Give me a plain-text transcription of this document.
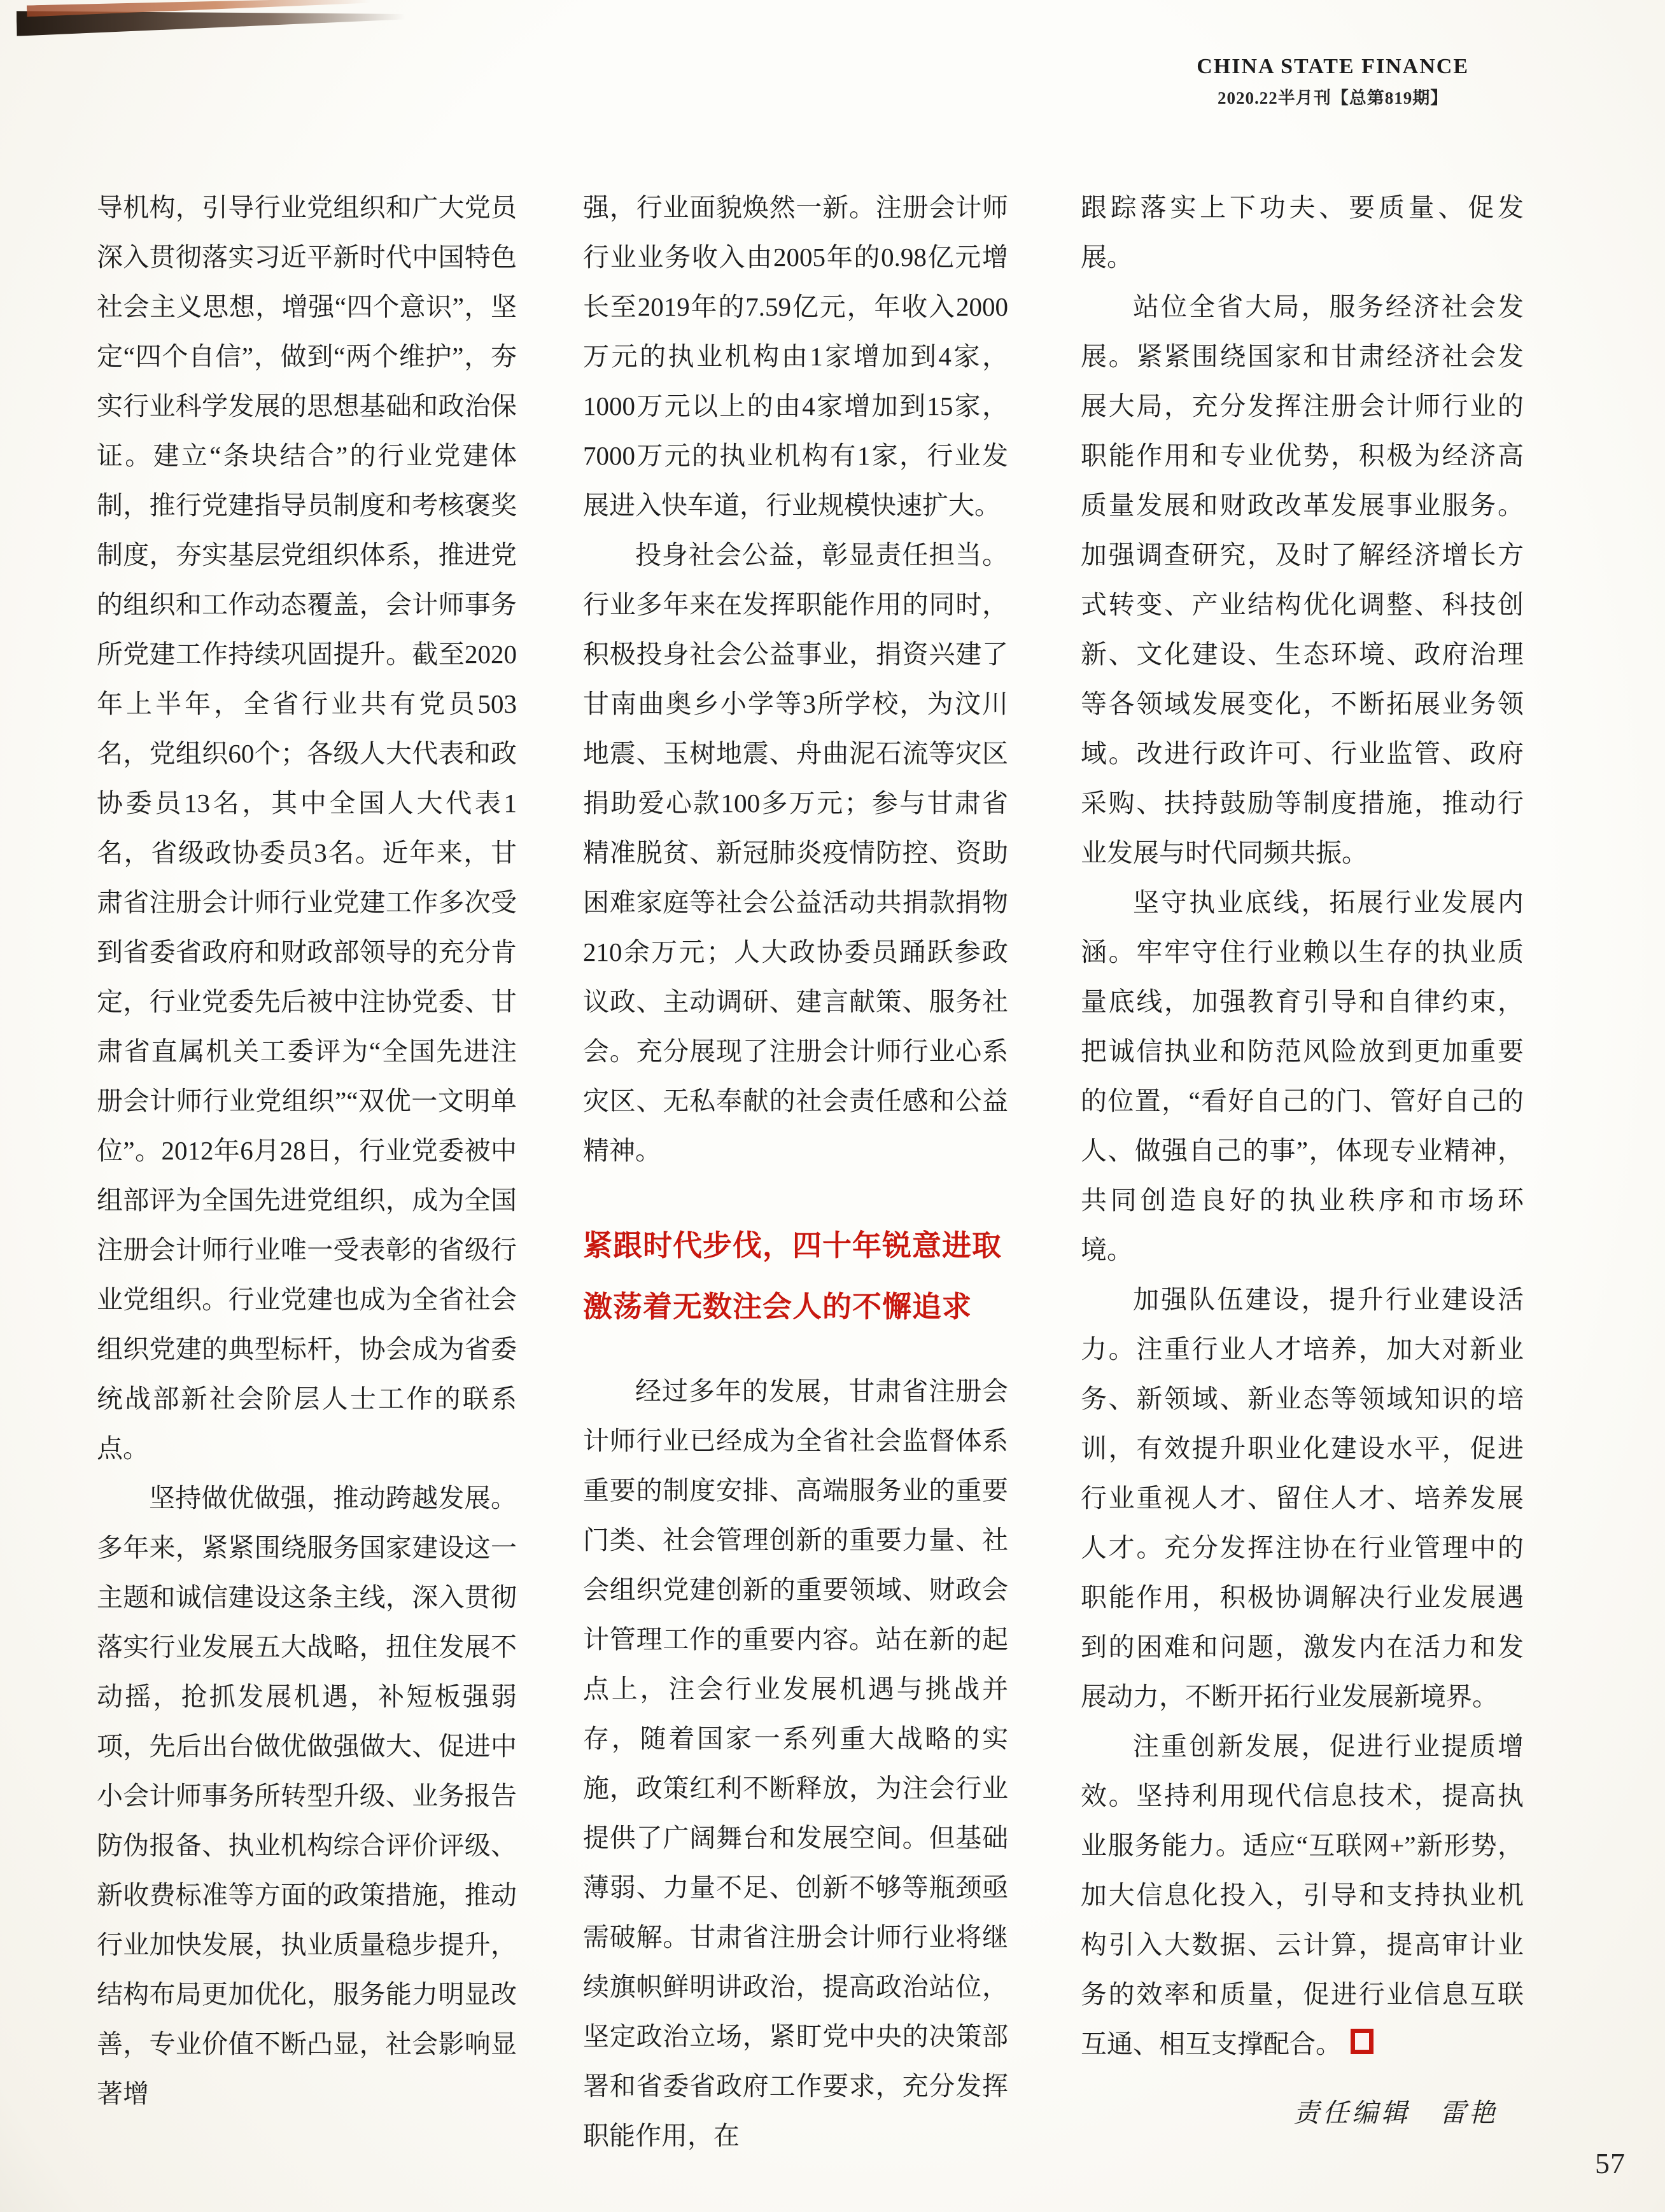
CHINA STATE FINANCE
2020.22半月刊【总第819期】

导机构，引导行业党组织和广大党员深入贯彻落实习近平新时代中国特色社会主义思想，增强“四个意识”，坚定“四个自信”，做到“两个维护”，夯实行业科学发展的思想基础和政治保证。建立“条块结合”的行业党建体制，推行党建指导员制度和考核褒奖制度，夯实基层党组织体系，推进党的组织和工作动态覆盖，会计师事务所党建工作持续巩固提升。截至2020年上半年，全省行业共有党员503名，党组织60个；各级人大代表和政协委员13名，其中全国人大代表1名，省级政协委员3名。近年来，甘肃省注册会计师行业党建工作多次受到省委省政府和财政部领导的充分肯定，行业党委先后被中注协党委、甘肃省直属机关工委评为“全国先进注册会计师行业党组织”“双优一文明单位”。2012年6月28日，行业党委被中组部评为全国先进党组织，成为全国注册会计师行业唯一受表彰的省级行业党组织。行业党建也成为全省社会组织党建的典型标杆，协会成为省委统战部新社会阶层人士工作的联系点。

坚持做优做强，推动跨越发展。多年来，紧紧围绕服务国家建设这一主题和诚信建设这条主线，深入贯彻落实行业发展五大战略，扭住发展不动摇，抢抓发展机遇，补短板强弱项，先后出台做优做强做大、促进中小会计师事务所转型升级、业务报告防伪报备、执业机构综合评价评级、新收费标准等方面的政策措施，推动行业加快发展，执业质量稳步提升，结构布局更加优化，服务能力明显改善，专业价值不断凸显，社会影响显著增

强，行业面貌焕然一新。注册会计师行业业务收入由2005年的0.98亿元增长至2019年的7.59亿元，年收入2000万元的执业机构由1家增加到4家，1000万元以上的由4家增加到15家，7000万元的执业机构有1家，行业发展进入快车道，行业规模快速扩大。

投身社会公益，彰显责任担当。行业多年来在发挥职能作用的同时，积极投身社会公益事业，捐资兴建了甘南曲奥乡小学等3所学校，为汶川地震、玉树地震、舟曲泥石流等灾区捐助爱心款100多万元；参与甘肃省精准脱贫、新冠肺炎疫情防控、资助困难家庭等社会公益活动共捐款捐物210余万元；人大政协委员踊跃参政议政、主动调研、建言献策、服务社会。充分展现了注册会计师行业心系灾区、无私奉献的社会责任感和公益精神。

紧跟时代步伐，四十年锐意进取
激荡着无数注会人的不懈追求

经过多年的发展，甘肃省注册会计师行业已经成为全省社会监督体系重要的制度安排、高端服务业的重要门类、社会管理创新的重要力量、社会组织党建创新的重要领域、财政会计管理工作的重要内容。站在新的起点上，注会行业发展机遇与挑战并存，随着国家一系列重大战略的实施，政策红利不断释放，为注会行业提供了广阔舞台和发展空间。但基础薄弱、力量不足、创新不够等瓶颈亟需破解。甘肃省注册会计师行业将继续旗帜鲜明讲政治，提高政治站位，坚定政治立场，紧盯党中央的决策部署和省委省政府工作要求，充分发挥职能作用，在

跟踪落实上下功夫、要质量、促发展。

站位全省大局，服务经济社会发展。紧紧围绕国家和甘肃经济社会发展大局，充分发挥注册会计师行业的职能作用和专业优势，积极为经济高质量发展和财政改革发展事业服务。加强调查研究，及时了解经济增长方式转变、产业结构优化调整、科技创新、文化建设、生态环境、政府治理等各领域发展变化，不断拓展业务领域。改进行政许可、行业监管、政府采购、扶持鼓励等制度措施，推动行业发展与时代同频共振。

坚守执业底线，拓展行业发展内涵。牢牢守住行业赖以生存的执业质量底线，加强教育引导和自律约束，把诚信执业和防范风险放到更加重要的位置，“看好自己的门、管好自己的人、做强自己的事”，体现专业精神，共同创造良好的执业秩序和市场环境。

加强队伍建设，提升行业建设活力。注重行业人才培养，加大对新业务、新领域、新业态等领域知识的培训，有效提升职业化建设水平，促进行业重视人才、留住人才、培养发展人才。充分发挥注协在行业管理中的职能作用，积极协调解决行业发展遇到的困难和问题，激发内在活力和发展动力，不断开拓行业发展新境界。

注重创新发展，促进行业提质增效。坚持利用现代信息技术，提高执业服务能力。适应“互联网+”新形势，加大信息化投入，引导和支持执业机构引入大数据、云计算，提高审计业务的效率和质量，促进行业信息互联互通、相互支撑配合。

责任编辑　雷艳
57
